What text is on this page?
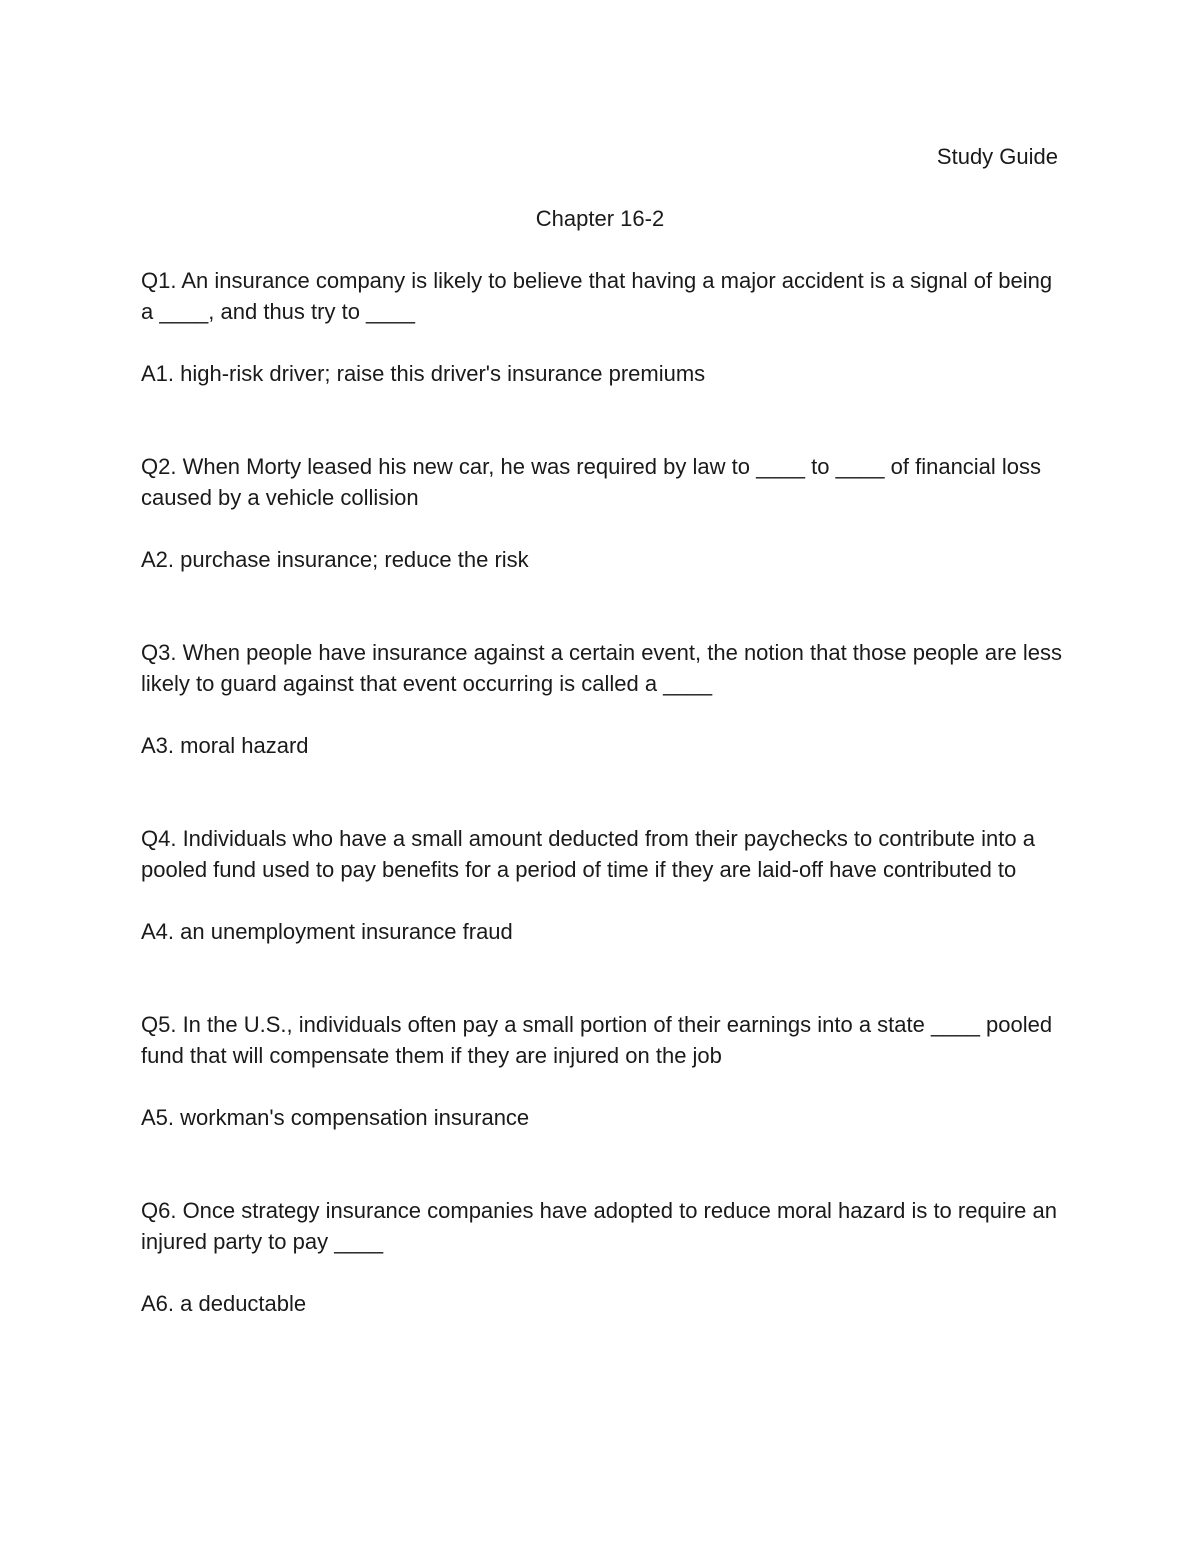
Study Guide
Chapter 16-2

Q1. An insurance company is likely to believe that having a major accident is a signal of being a ____, and thus try to ____

A1. high-risk driver; raise this driver's insurance premiums

Q2. When Morty leased his new car, he was required by law to ____ to ____ of financial loss caused by a vehicle collision

A2. purchase insurance; reduce the risk

Q3. When people have insurance against a certain event, the notion that those people are less likely to guard against that event occurring is called a ____

A3. moral hazard

Q4. Individuals who have a small amount deducted from their paychecks to contribute into a pooled fund used to pay benefits for a period of time if they are laid-off have contributed to

A4. an unemployment insurance fraud

Q5. In the U.S., individuals often pay a small portion of their earnings into a state ____ pooled fund that will compensate them if they are injured on the job

A5. workman's compensation insurance

Q6. Once strategy insurance companies have adopted to reduce moral hazard is to require an injured party to pay ____

A6. a deductable
